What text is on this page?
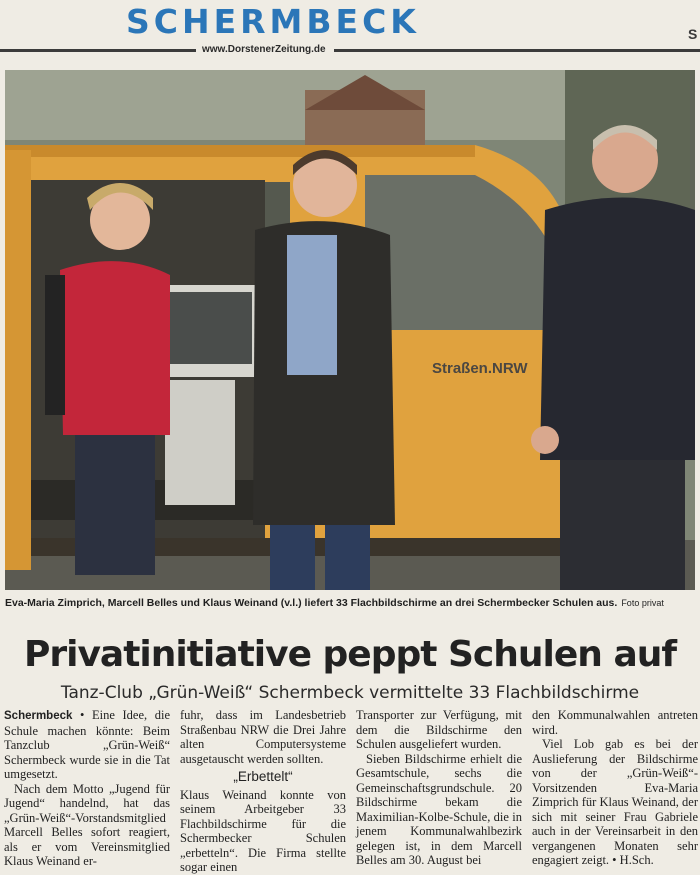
SCHERMBECK	S
www.DorstenerZeitung.de
Straßen.NRW
Eva-Maria Zimprich, Marcell Belles und Klaus Weinand (v.l.) liefert 33 Flachbildschirme an drei Schermbecker Schulen aus. Foto privat
Privatinitiative peppt Schulen auf
Tanz-Club „Grün-Weiß“ Schermbeck vermittelte 33 Flachbildschirme

Schermbeck • Eine Idee, die Schule machen könnte: Beim Tanzclub „Grün-Weiß“ Schermbeck wurde sie in die Tat umgesetzt.

Nach dem Motto „Jugend für Jugend“ handelnd, hat das „Grün-Weiß“-Vorstandsmitglied Marcell Belles sofort reagiert, als er vom Vereinsmitglied Klaus Weinand er-

fuhr, dass im Landesbetrieb Straßenbau NRW die Drei Jahre alten Computersysteme ausgetauscht werden sollten.

„Erbettelt“

Klaus Weinand konnte von seinem Arbeitgeber 33 Flachbildschirme für die Schermbecker Schulen „erbetteln“. Die Firma stellte sogar einen

Transporter zur Verfügung, mit dem die Bildschirme den Schulen ausgeliefert wurden.

Sieben Bildschirme erhielt die Gesamtschule, sechs die Gemeinschaftsgrundschule. 20 Bildschirme bekam die Maximilian-Kolbe-Schule, die in jenem Kommunalwahlbezirk gelegen ist, in dem Marcell Belles am 30. August bei

den Kommunalwahlen antreten wird.

Viel Lob gab es bei der Auslieferung der Bildschirme von der „Grün-Weiß“-Vorsitzenden Eva-Maria Zimprich für Klaus Weinand, der sich mit seiner Frau Gabriele auch in der Vereinsarbeit in den vergangenen Monaten sehr engagiert zeigt. • H.Sch.
